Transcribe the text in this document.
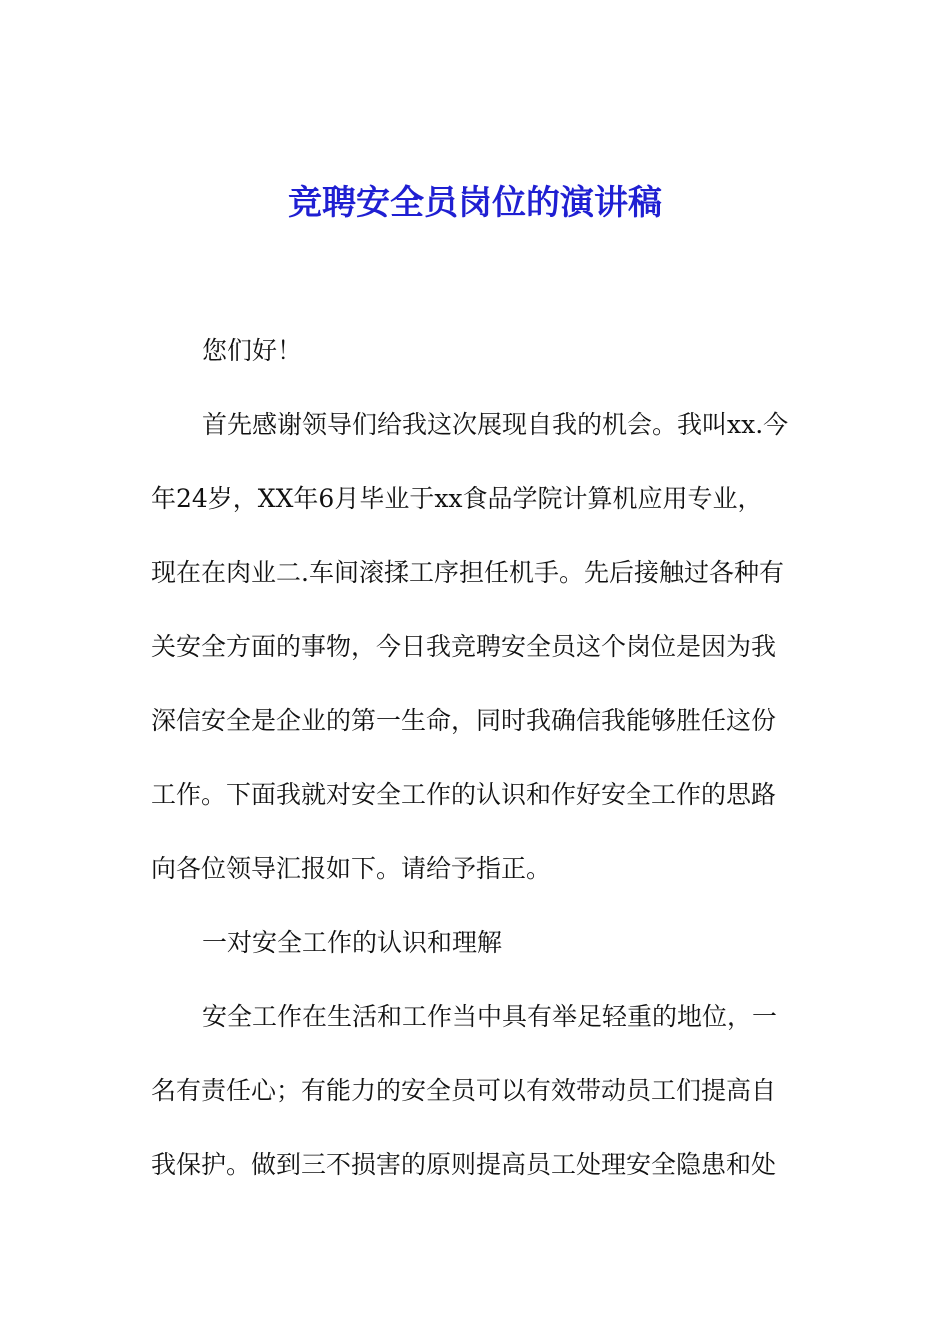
竞聘安全员岗位的演讲稿
您们好！
首先感谢领导们给我这次展现自我的机会。我叫xx.今
年24岁，XX年6月毕业于xx食品学院计算机应用专业，
现在在肉业二.车间滚揉工序担任机手。先后接触过各种有
关安全方面的事物，今日我竞聘安全员这个岗位是因为我
深信安全是企业的第一生命，同时我确信我能够胜任这份
工作。下面我就对安全工作的认识和作好安全工作的思路
向各位领导汇报如下。请给予指正。
一对安全工作的认识和理解
安全工作在生活和工作当中具有举足轻重的地位，一
名有责任心；有能力的安全员可以有效带动员工们提高自
我保护。做到三不损害的原则提高员工处理安全隐患和处
